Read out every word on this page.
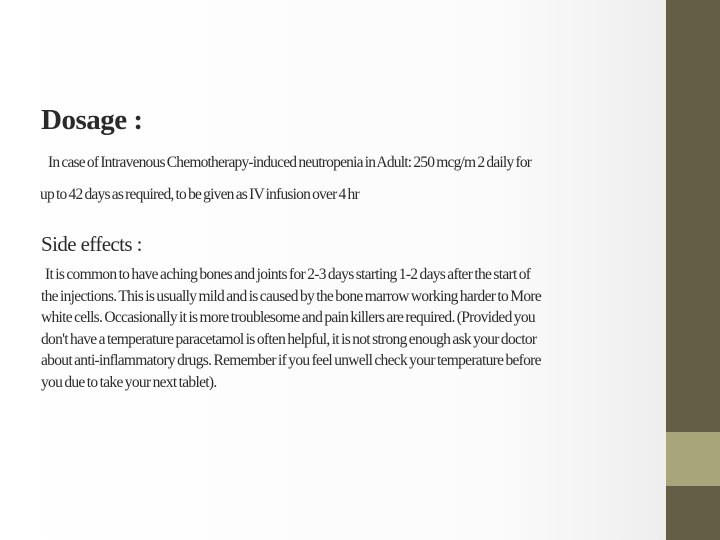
Dosage :
In case of Intravenous Chemotherapy-induced neutropenia in Adult: 250 mcg/m 2 daily for
up to 42 days as required, to be given as IV infusion over 4 hr
Side effects :
It is common to have aching bones and joints for 2-3 days starting 1-2 days after the start of
the injections. This is usually mild and is caused by the bone marrow working harder to More
white cells. Occasionally it is more troublesome and pain killers are required. (Provided you
don't have a temperature paracetamol is often helpful, it is not strong enough ask your doctor
about anti-inflammatory drugs. Remember if you feel unwell check your temperature before
you due to take your next tablet).
